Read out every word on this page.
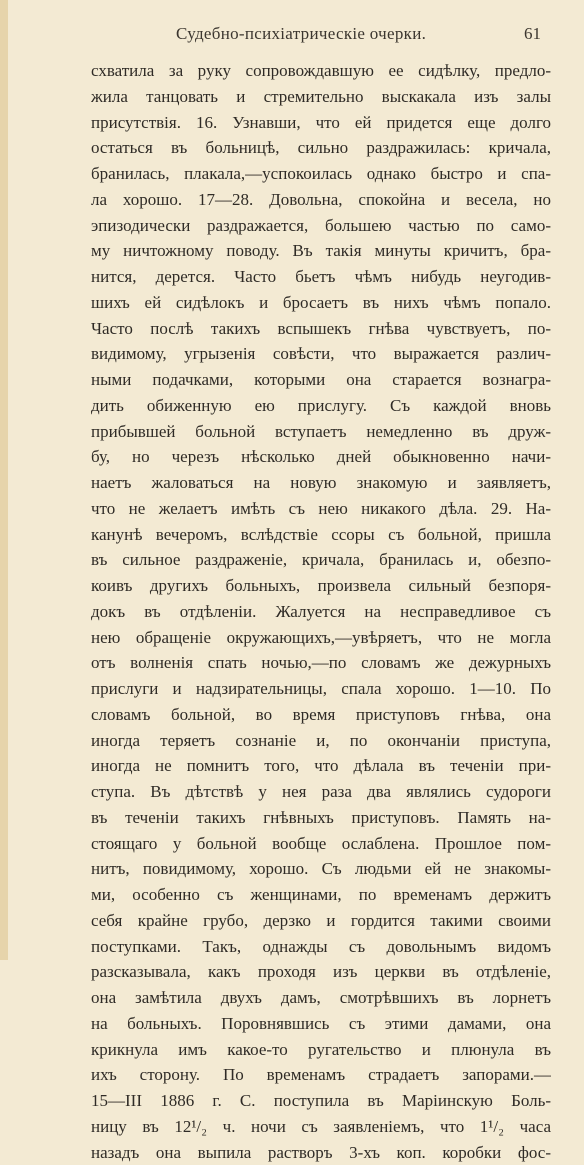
Судебно-психіатрическіе очерки.	61
схватила за руку сопровождавшую ее сидѣлку, предло-
жила танцовать и стремительно выскакала изъ залы
присутствія. 16. Узнавши, что ей придется еще долго
остаться въ больницѣ, сильно раздражилась: кричала,
бранилась, плакала,—успокоилась однако быстро и спа-
ла хорошо. 17—28. Довольна, спокойна и весела, но
эпизодически раздражается, большею частью по само-
му ничтожному поводу. Въ такія минуты кричитъ, бра-
нится, дерется. Часто бьетъ чѣмъ нибудь неугодив-
шихъ ей сидѣлокъ и бросаетъ въ нихъ чѣмъ попало.
Часто послѣ такихъ вспышекъ гнѣва чувствуетъ, по-
видимому, угрызенія совѣсти, что выражается различ-
ными подачками, которыми она старается вознагра-
дить обиженную ею прислугу. Съ каждой вновь
прибывшей больной вступаетъ немедленно въ друж-
бу, но черезъ нѣсколько дней обыкновенно начи-
наетъ жаловаться на новую знакомую и заявляетъ,
что не желаетъ имѣть съ нею никакого дѣла. 29. На-
канунѣ вечеромъ, вслѣдствіе ссоры съ больной, пришла
въ сильное раздраженіе, кричала, бранилась и, обезпо-
коивъ другихъ больныхъ, произвела сильный безпоря-
докъ въ отдѣленіи. Жалуется на несправедливое съ
нею обращеніе окружающихъ,—увѣряетъ, что не могла
отъ волненія спать ночью,—по словамъ же дежурныхъ
прислуги и надзирательницы, спала хорошо. 1—10. По
словамъ больной, во время приступовъ гнѣва, она
иногда теряетъ сознаніе и, по окончаніи приступа,
иногда не помнитъ того, что дѣлала въ теченіи при-
ступа. Въ дѣтствѣ у нея раза два являлись судороги
въ теченіи такихъ гнѣвныхъ приступовъ. Память на-
стоящаго у больной вообще ослаблена. Прошлое пом-
нитъ, повидимому, хорошо. Съ людьми ей не знакомы-
ми, особенно съ женщинами, по временамъ держитъ
себя крайне грубо, дерзко и гордится такими своими
поступками. Такъ, однажды съ довольнымъ видомъ
разсказывала, какъ проходя изъ церкви въ отдѣленіе,
она замѣтила двухъ дамъ, смотрѣвшихъ въ лорнетъ
на больныхъ. Поровнявшись съ этими дамами, она
крикнула имъ какое-то ругательство и плюнула въ
ихъ сторону. По временамъ страдаетъ запорами.—
15—III 1886 г. С. поступила въ Маріинскую Боль-
ницу въ 12¹/₂ ч. ночи съ заявленіемъ, что 1¹/₂ часа
назадъ она выпила растворъ 3-хъ коп. коробки фос-
